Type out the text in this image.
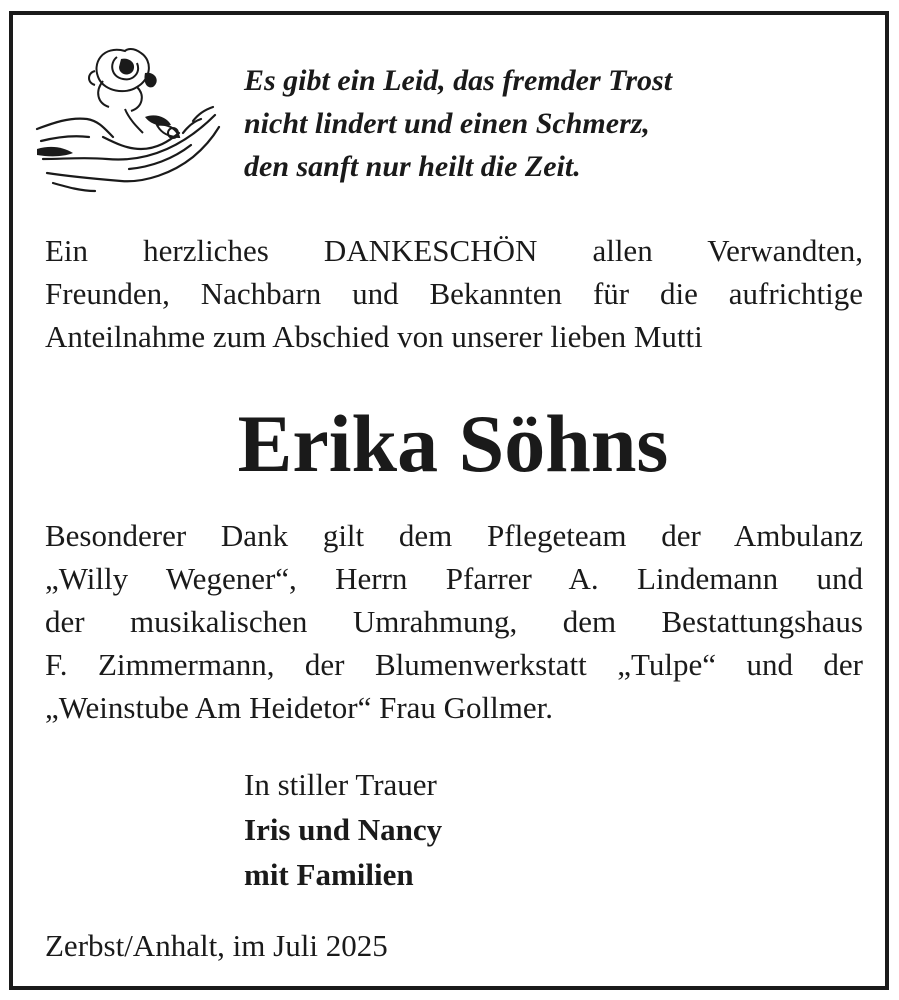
Es gibt ein Leid, das fremder Trost
nicht lindert und einen Schmerz,
den sanft nur heilt die Zeit.
Ein herzliches DANKESCHÖN allen Verwandten,
Freunden, Nachbarn und Bekannten für die aufrichtige
Anteilnahme zum Abschied von unserer lieben Mutti
Erika Söhns
Besonderer Dank gilt dem Pflegeteam der Ambulanz
„Willy Wegener“, Herrn Pfarrer A. Lindemann und
der musikalischen Umrahmung, dem Bestattungshaus
F. Zimmermann, der Blumenwerkstatt „Tulpe“ und der
„Weinstube Am Heidetor“ Frau Gollmer.
In stiller Trauer
Iris und Nancy
mit Familien
Zerbst/Anhalt, im Juli 2025
